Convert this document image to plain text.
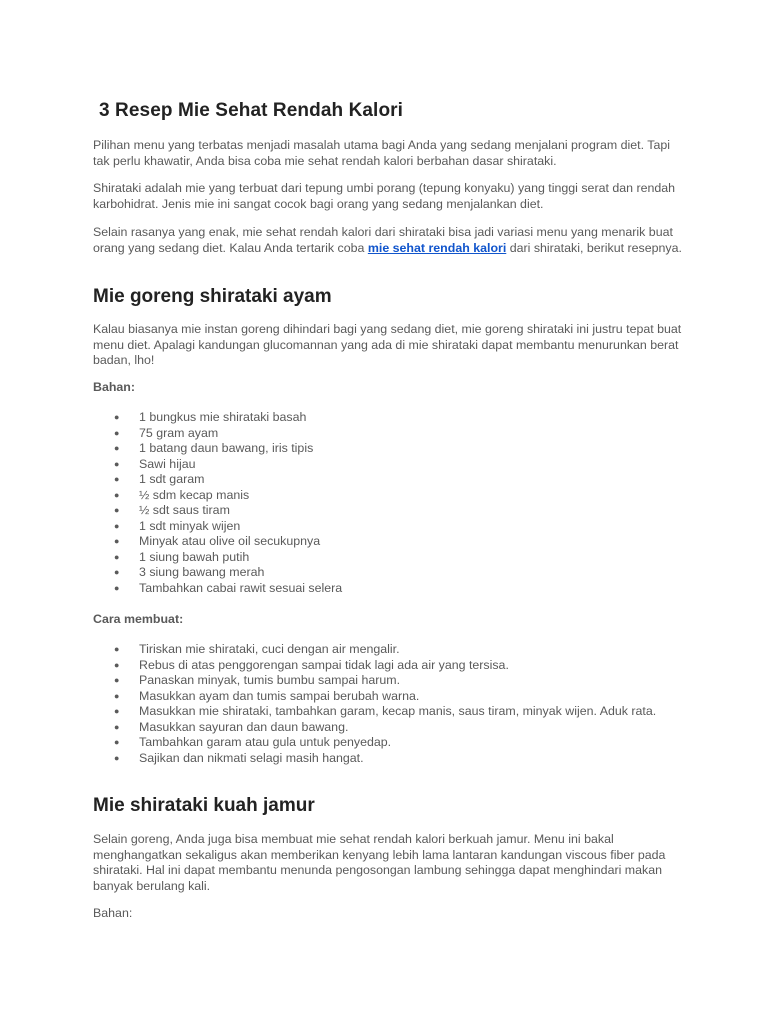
3 Resep Mie Sehat Rendah Kalori

Pilihan menu yang terbatas menjadi masalah utama bagi Anda yang sedang menjalani program diet. Tapi tak perlu khawatir, Anda bisa coba mie sehat rendah kalori berbahan dasar shirataki.

Shirataki adalah mie yang terbuat dari tepung umbi porang (tepung konyaku) yang tinggi serat dan rendah karbohidrat. Jenis mie ini sangat cocok bagi orang yang sedang menjalankan diet.

Selain rasanya yang enak, mie sehat rendah kalori dari shirataki bisa jadi variasi menu yang menarik buat orang yang sedang diet. Kalau Anda tertarik coba mie sehat rendah kalori dari shirataki, berikut resepnya.

Mie goreng shirataki ayam

Kalau biasanya mie instan goreng dihindari bagi yang sedang diet, mie goreng shirataki ini justru tepat buat menu diet. Apalagi kandungan glucomannan yang ada di mie shirataki dapat membantu menurunkan berat badan, lho!

Bahan:

● 1 bungkus mie shirataki basah
● 75 gram ayam
● 1 batang daun bawang, iris tipis
● Sawi hijau
● 1 sdt garam
● ½ sdm kecap manis
● ½ sdt saus tiram
● 1 sdt minyak wijen
● Minyak atau olive oil secukupnya
● 1 siung bawah putih
● 3 siung bawang merah
● Tambahkan cabai rawit sesuai selera

Cara membuat:

● Tiriskan mie shirataki, cuci dengan air mengalir.
● Rebus di atas penggorengan sampai tidak lagi ada air yang tersisa.
● Panaskan minyak, tumis bumbu sampai harum.
● Masukkan ayam dan tumis sampai berubah warna.
● Masukkan mie shirataki, tambahkan garam, kecap manis, saus tiram, minyak wijen. Aduk rata.
● Masukkan sayuran dan daun bawang.
● Tambahkan garam atau gula untuk penyedap.
● Sajikan dan nikmati selagi masih hangat.
Mie shirataki kuah jamur

Selain goreng, Anda juga bisa membuat mie sehat rendah kalori berkuah jamur. Menu ini bakal menghangatkan sekaligus akan memberikan kenyang lebih lama lantaran kandungan viscous fiber pada shirataki. Hal ini dapat membantu menunda pengosongan lambung sehingga dapat menghindari makan banyak berulang kali.

Bahan:
